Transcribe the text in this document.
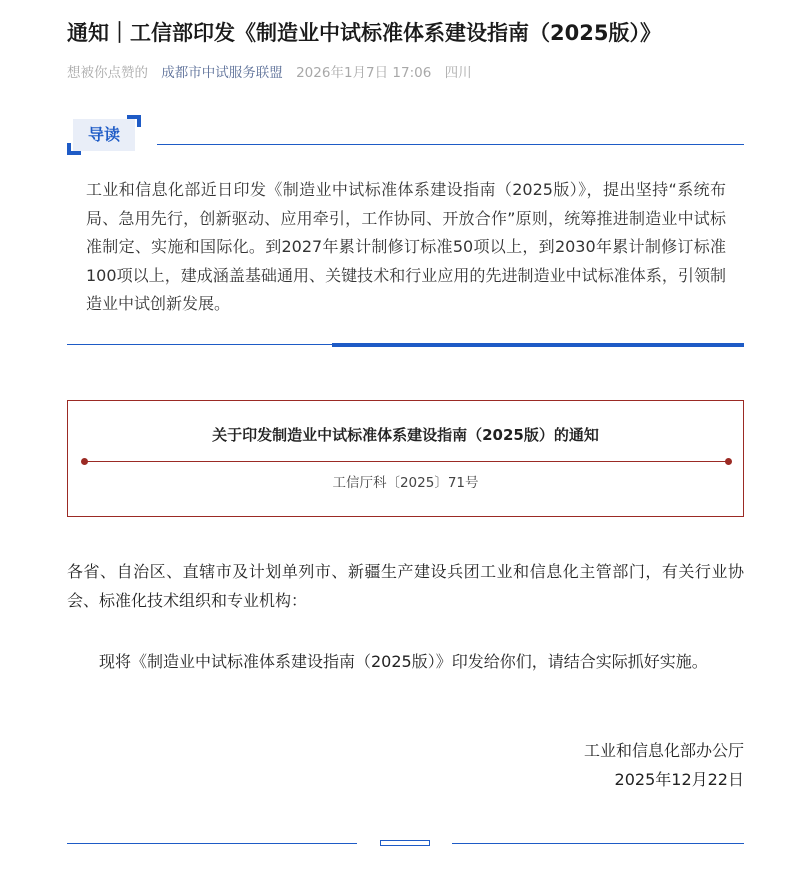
通知｜工信部印发《制造业中试标准体系建设指南（2025版）》
想被你点赞的 成都市中试服务联盟 2026年1月7日 17:06 四川
导读

工业和信息化部近日印发《制造业中试标准体系建设指南（2025版）》，提出坚持“系统布局、急用先行，创新驱动、应用牵引，工作协同、开放合作”原则，统筹推进制造业中试标准制定、实施和国际化。到2027年累计制修订标准50项以上，到2030年累计制修订标准100项以上，建成涵盖基础通用、关键技术和行业应用的先进制造业中试标准体系，引领制造业中试创新发展。

关于印发制造业中试标准体系建设指南（2025版）的通知
工信厅科〔2025〕71号

各省、自治区、直辖市及计划单列市、新疆生产建设兵团工业和信息化主管部门，有关行业协会、标准化技术组织和专业机构：

现将《制造业中试标准体系建设指南（2025版）》印发给你们，请结合实际抓好实施。

工业和信息化部办公厅
2025年12月22日
